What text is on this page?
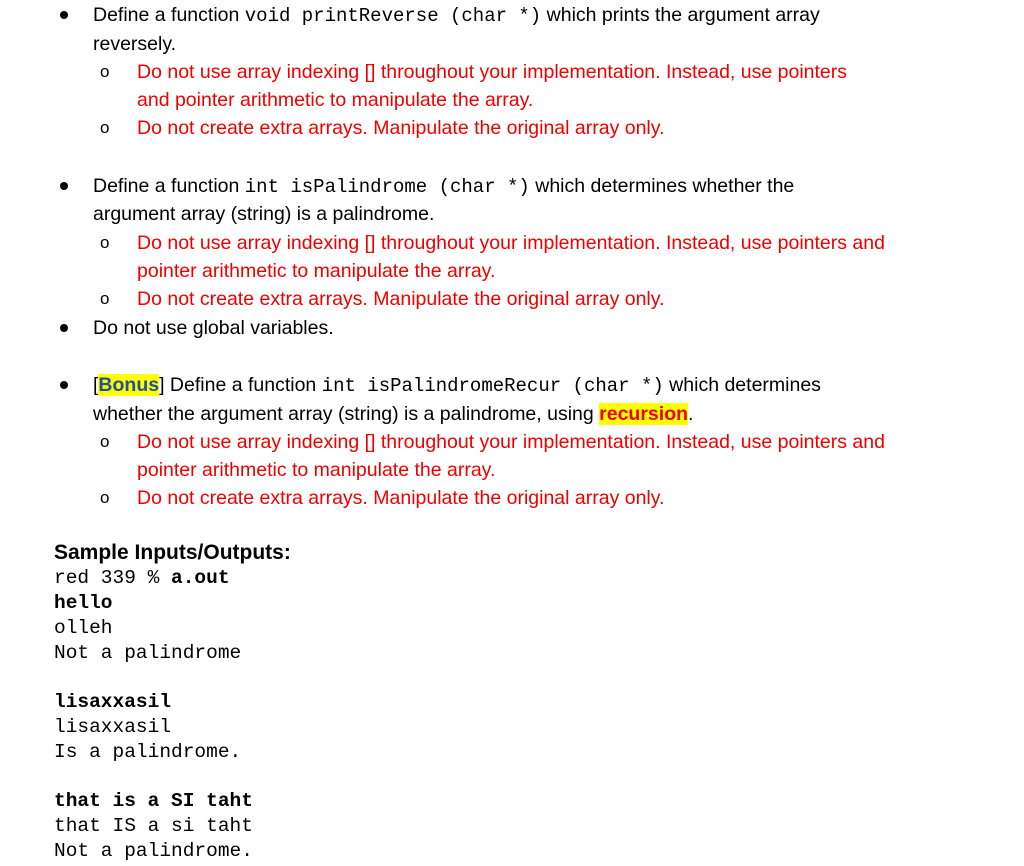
Define a function void printReverse (char *) which prints the argument array
reversely.
o Do not use array indexing [] throughout your implementation. Instead, use pointers
and pointer arithmetic to manipulate the array.
o Do not create extra arrays. Manipulate the original array only.
Define a function int isPalindrome (char *) which determines whether the
argument array (string) is a palindrome.
o Do not use array indexing [] throughout your implementation. Instead, use pointers and
pointer arithmetic to manipulate the array.
o Do not create extra arrays. Manipulate the original array only.
Do not use global variables.
[Bonus] Define a function int isPalindromeRecur (char *) which determines
whether the argument array (string) is a palindrome, using recursion.
o Do not use array indexing [] throughout your implementation. Instead, use pointers and
pointer arithmetic to manipulate the array.
o Do not create extra arrays. Manipulate the original array only.
Sample Inputs/Outputs:
red 339 % a.out
hello
olleh
Not a palindrome
lisaxxasil
lisaxxasil
Is a palindrome.
that is a SI taht
that IS a si taht
Not a palindrome.
